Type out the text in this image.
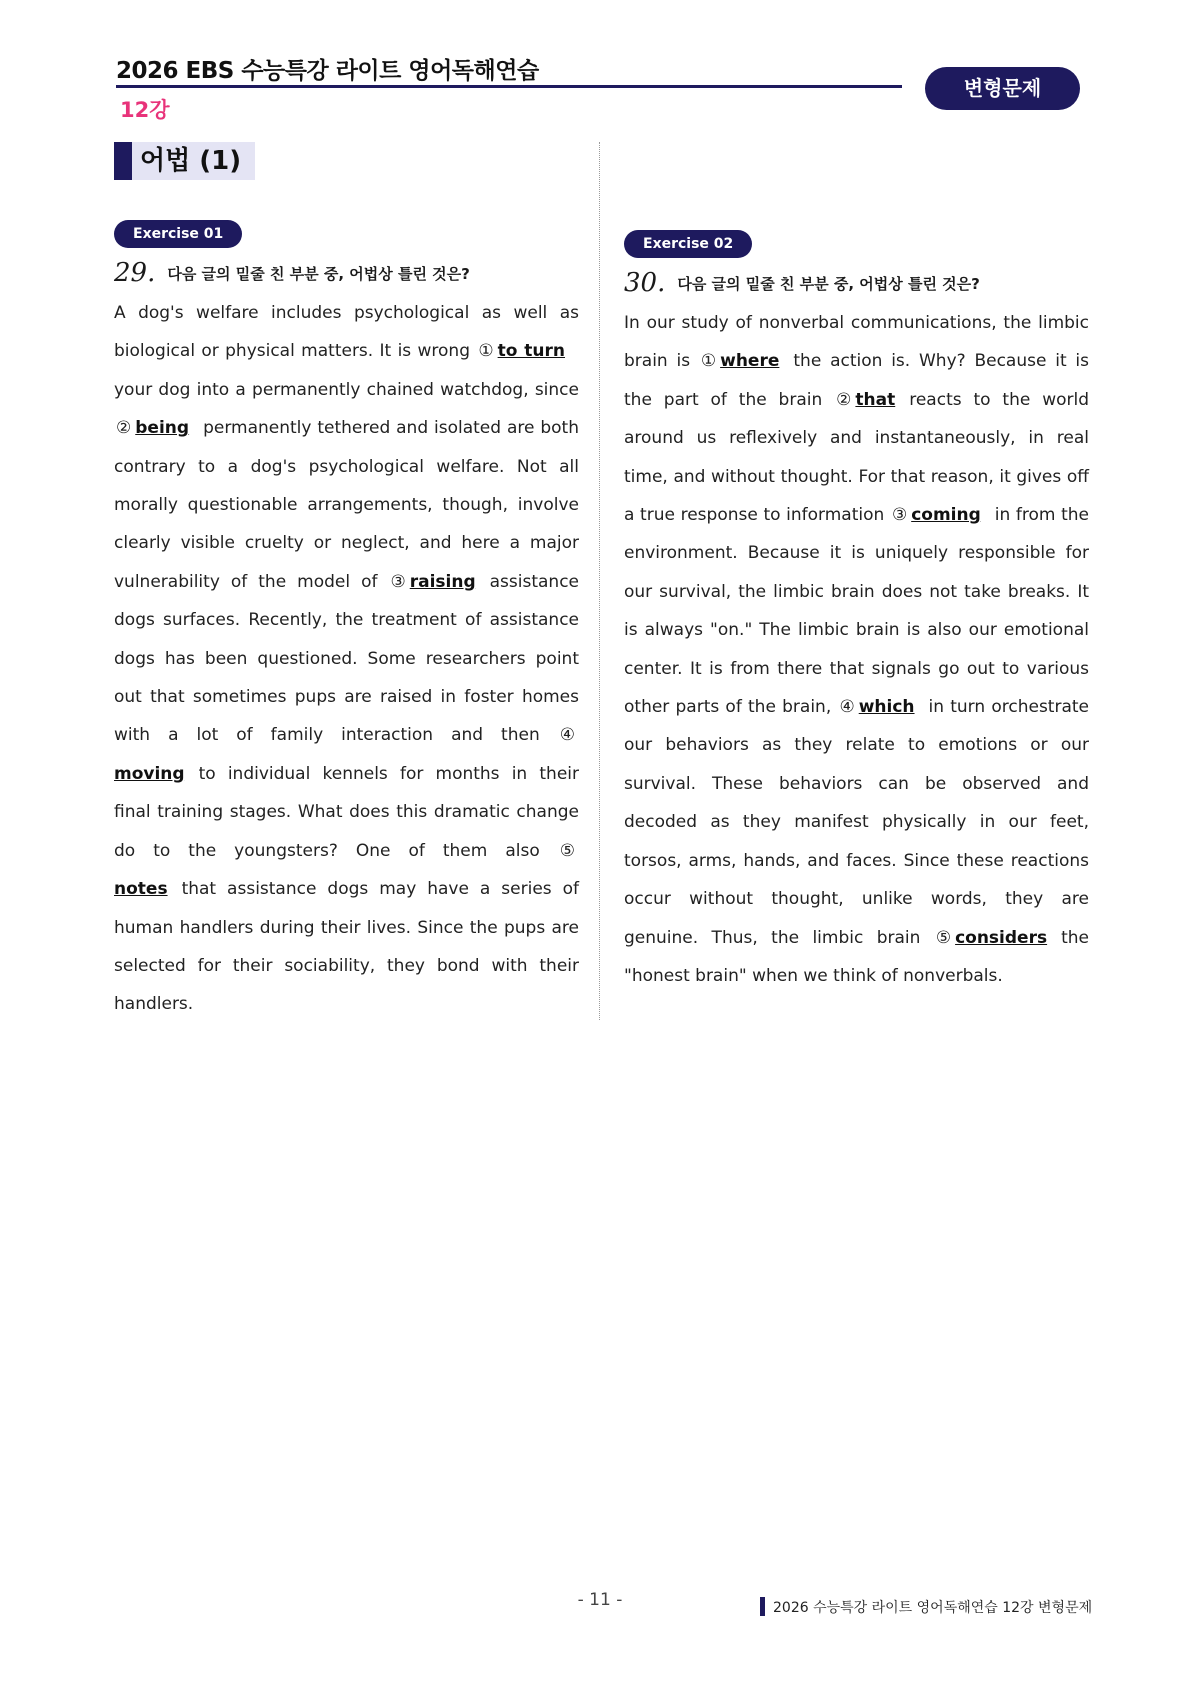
2026 EBS 수능특강 라이트 영어독해연습
12강
변형문제
어법 (1)
Exercise 01
29. 다음 글의 밑줄 친 부분 중, 어법상 틀린 것은?
A dog's welfare includes psychological as well as biological or physical matters. It is wrong ① to turn your dog into a permanently chained watchdog, since ② being permanently tethered and isolated are both contrary to a dog's psychological welfare. Not all morally questionable arrangements, though, involve clearly visible cruelty or neglect, and here a major vulnerability of the model of ③ raising assistance dogs surfaces. Recently, the treatment of assistance dogs has been questioned. Some researchers point out that sometimes pups are raised in foster homes with a lot of family interaction and then ④moving to individual kennels for months in their final training stages. What does this dramatic change do to the youngsters? One of them also ⑤notes that assistance dogs may have a series of human handlers during their lives. Since the pups are selected for their sociability, they bond with their handlers.
Exercise 02
30. 다음 글의 밑줄 친 부분 중, 어법상 틀린 것은?
In our study of nonverbal communications, the limbic brain is ① where the action is. Why? Because it is the part of the brain ② that reacts to the world around us reflexively and instantaneously, in real time, and without thought. For that reason, it gives off a true response to information ③ coming in from the environment. Because it is uniquely responsible for our survival, the limbic brain does not take breaks. It is always "on." The limbic brain is also our emotional center. It is from there that signals go out to various other parts of the brain, ④ which in turn orchestrate our behaviors as they relate to emotions or our survival. These behaviors can be observed and decoded as they manifest physically in our feet, torsos, arms, hands, and faces. Since these reactions occur without thought, unlike words, they are genuine. Thus, the limbic brain ⑤ considers the "honest brain" when we think of nonverbals.
- 11 -	2026 수능특강 라이트 영어독해연습 12강 변형문제
